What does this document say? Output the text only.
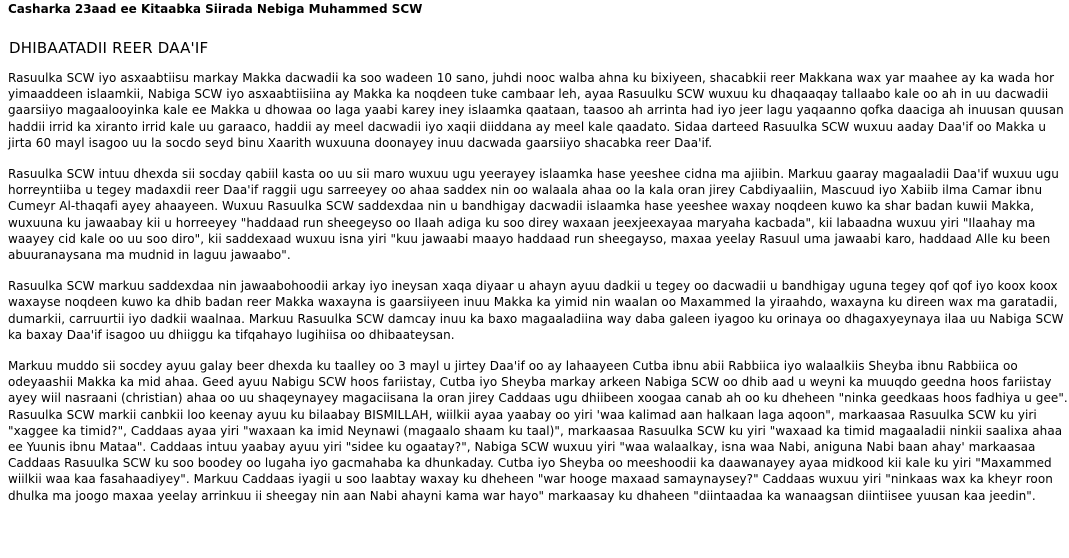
Casharka 23aad ee Kitaabka Siirada Nebiga Muhammed SCW
DHIBAATADII REER DAA'IF

Rasuulka SCW iyo asxaabtiisu markay Makka dacwadii ka soo wadeen 10 sano, juhdi nooc walba ahna ku bixiyeen, shacabkii reer Makkana wax yar maahee ay ka wada hor yimaaddeen islaamkii, Nabiga SCW iyo asxaabtiisiina ay Makka ka noqdeen tuke cambaar leh, ayaa Rasuulku SCW wuxuu ku dhaqaaqay tallaabo kale oo ah in uu dacwadii gaarsiiyo magaalooyinka kale ee Makka u dhowaa oo laga yaabi karey iney islaamka qaataan, taasoo ah arrinta had iyo jeer lagu yaqaanno qofka daaciga ah inuusan quusan haddii irrid ka xiranto irrid kale uu garaaco, haddii ay meel dacwadii iyo xaqii diiddana ay meel kale qaadato. Sidaa darteed Rasuulka SCW wuxuu aaday Daa'if oo Makka u jirta 60 mayl isagoo uu la socdo seyd binu Xaarith wuxuuna doonayey inuu dacwada gaarsiiyo shacabka reer Daa'if.

Rasuulka SCW intuu dhexda sii socday qabiil kasta oo uu sii maro wuxuu ugu yeerayey islaamka hase yeeshee cidna ma ajiibin. Markuu gaaray magaaladii Daa'if wuxuu ugu horreyntiiba u tegey madaxdii reer Daa'if raggii ugu sarreeyey oo ahaa saddex nin oo walaala ahaa oo la kala oran jirey Cabdiyaaliin, Mascuud iyo Xabiib ilma Camar ibnu Cumeyr Al-thaqafi ayey ahaayeen. Wuxuu Rasuulka SCW saddexdaa nin u bandhigay dacwadii islaamka hase yeeshee waxay noqdeen kuwo ka shar badan kuwii Makka, wuxuuna ku jawaabay kii u horreeyey "haddaad run sheegeyso oo Ilaah adiga ku soo direy waxaan jeexjeexayaa maryaha kacbada", kii labaadna wuxuu yiri "Ilaahay ma waayey cid kale oo uu soo diro", kii saddexaad wuxuu isna yiri "kuu jawaabi maayo haddaad run sheegayso, maxaa yeelay Rasuul uma jawaabi karo, haddaad Alle ku been abuuranaysana ma mudnid in laguu jawaabo".

Rasuulka SCW markuu saddexdaa nin jawaabohoodii arkay iyo ineysan xaqa diyaar u ahayn ayuu dadkii u tegey oo dacwadii u bandhigay uguna tegey qof qof iyo koox koox waxayse noqdeen kuwo ka dhib badan reer Makka waxayna is gaarsiiyeen inuu Makka ka yimid nin waalan oo Maxammed la yiraahdo, waxayna ku direen wax ma garatadii, dumarkii, carruurtii iyo dadkii waalnaa. Markuu Rasuulka SCW damcay inuu ka baxo magaaladiina way daba galeen iyagoo ku orinaya oo dhagaxyeynaya ilaa uu Nabiga SCW ka baxay Daa'if isagoo uu dhiiggu ka tifqahayo lugihiisa oo dhibaateysan.

Markuu muddo sii socdey ayuu galay beer dhexda ku taalley oo 3 mayl u jirtey Daa'if oo ay lahaayeen Cutba ibnu abii Rabbiica iyo walaalkiis Sheyba ibnu Rabbiica oo odeyaashii Makka ka mid ahaa. Geed ayuu Nabigu SCW hoos fariistay, Cutba iyo Sheyba markay arkeen Nabiga SCW oo dhib aad u weyni ka muuqdo geedna hoos fariistay ayey wiil nasraani (christian) ahaa oo uu shaqeynayey magaciisana la oran jirey Caddaas ugu dhiibeen xoogaa canab ah oo ku dheheen "ninka geedkaas hoos fadhiya u gee". Rasuulka SCW markii canbkii loo keenay ayuu ku bilaabay BISMILLAH, wiilkii ayaa yaabay oo yiri 'waa kalimad aan halkaan laga aqoon", markaasaa Rasuulka SCW ku yiri "xaggee ka timid?", Caddaas ayaa yiri "waxaan ka imid Neynawi (magaalo shaam ku taal)", markaasaa Rasuulka SCW ku yiri "waxaad ka timid magaaladii ninkii saalixa ahaa ee Yuunis ibnu Mataa". Caddaas intuu yaabay ayuu yiri "sidee ku ogaatay?", Nabiga SCW wuxuu yiri "waa walaalkay, isna waa Nabi, aniguna Nabi baan ahay' markaasaa Caddaas Rasuulka SCW ku soo boodey oo lugaha iyo gacmahaba ka dhunkaday. Cutba iyo Sheyba oo meeshoodii ka daawanayey ayaa midkood kii kale ku yiri "Maxammed wiilkii waa kaa fasahaadiyey". Markuu Caddaas iyagii u soo laabtay waxay ku dheheen "war hooge maxaad samaynaysey?" Caddaas wuxuu yiri "ninkaas wax ka kheyr roon dhulka ma joogo maxaa yeelay arrinkuu ii sheegay nin aan Nabi ahayni kama war hayo" markaasay ku dhaheen "diintaadaa ka wanaagsan diintiisee yuusan kaa jeedin".
